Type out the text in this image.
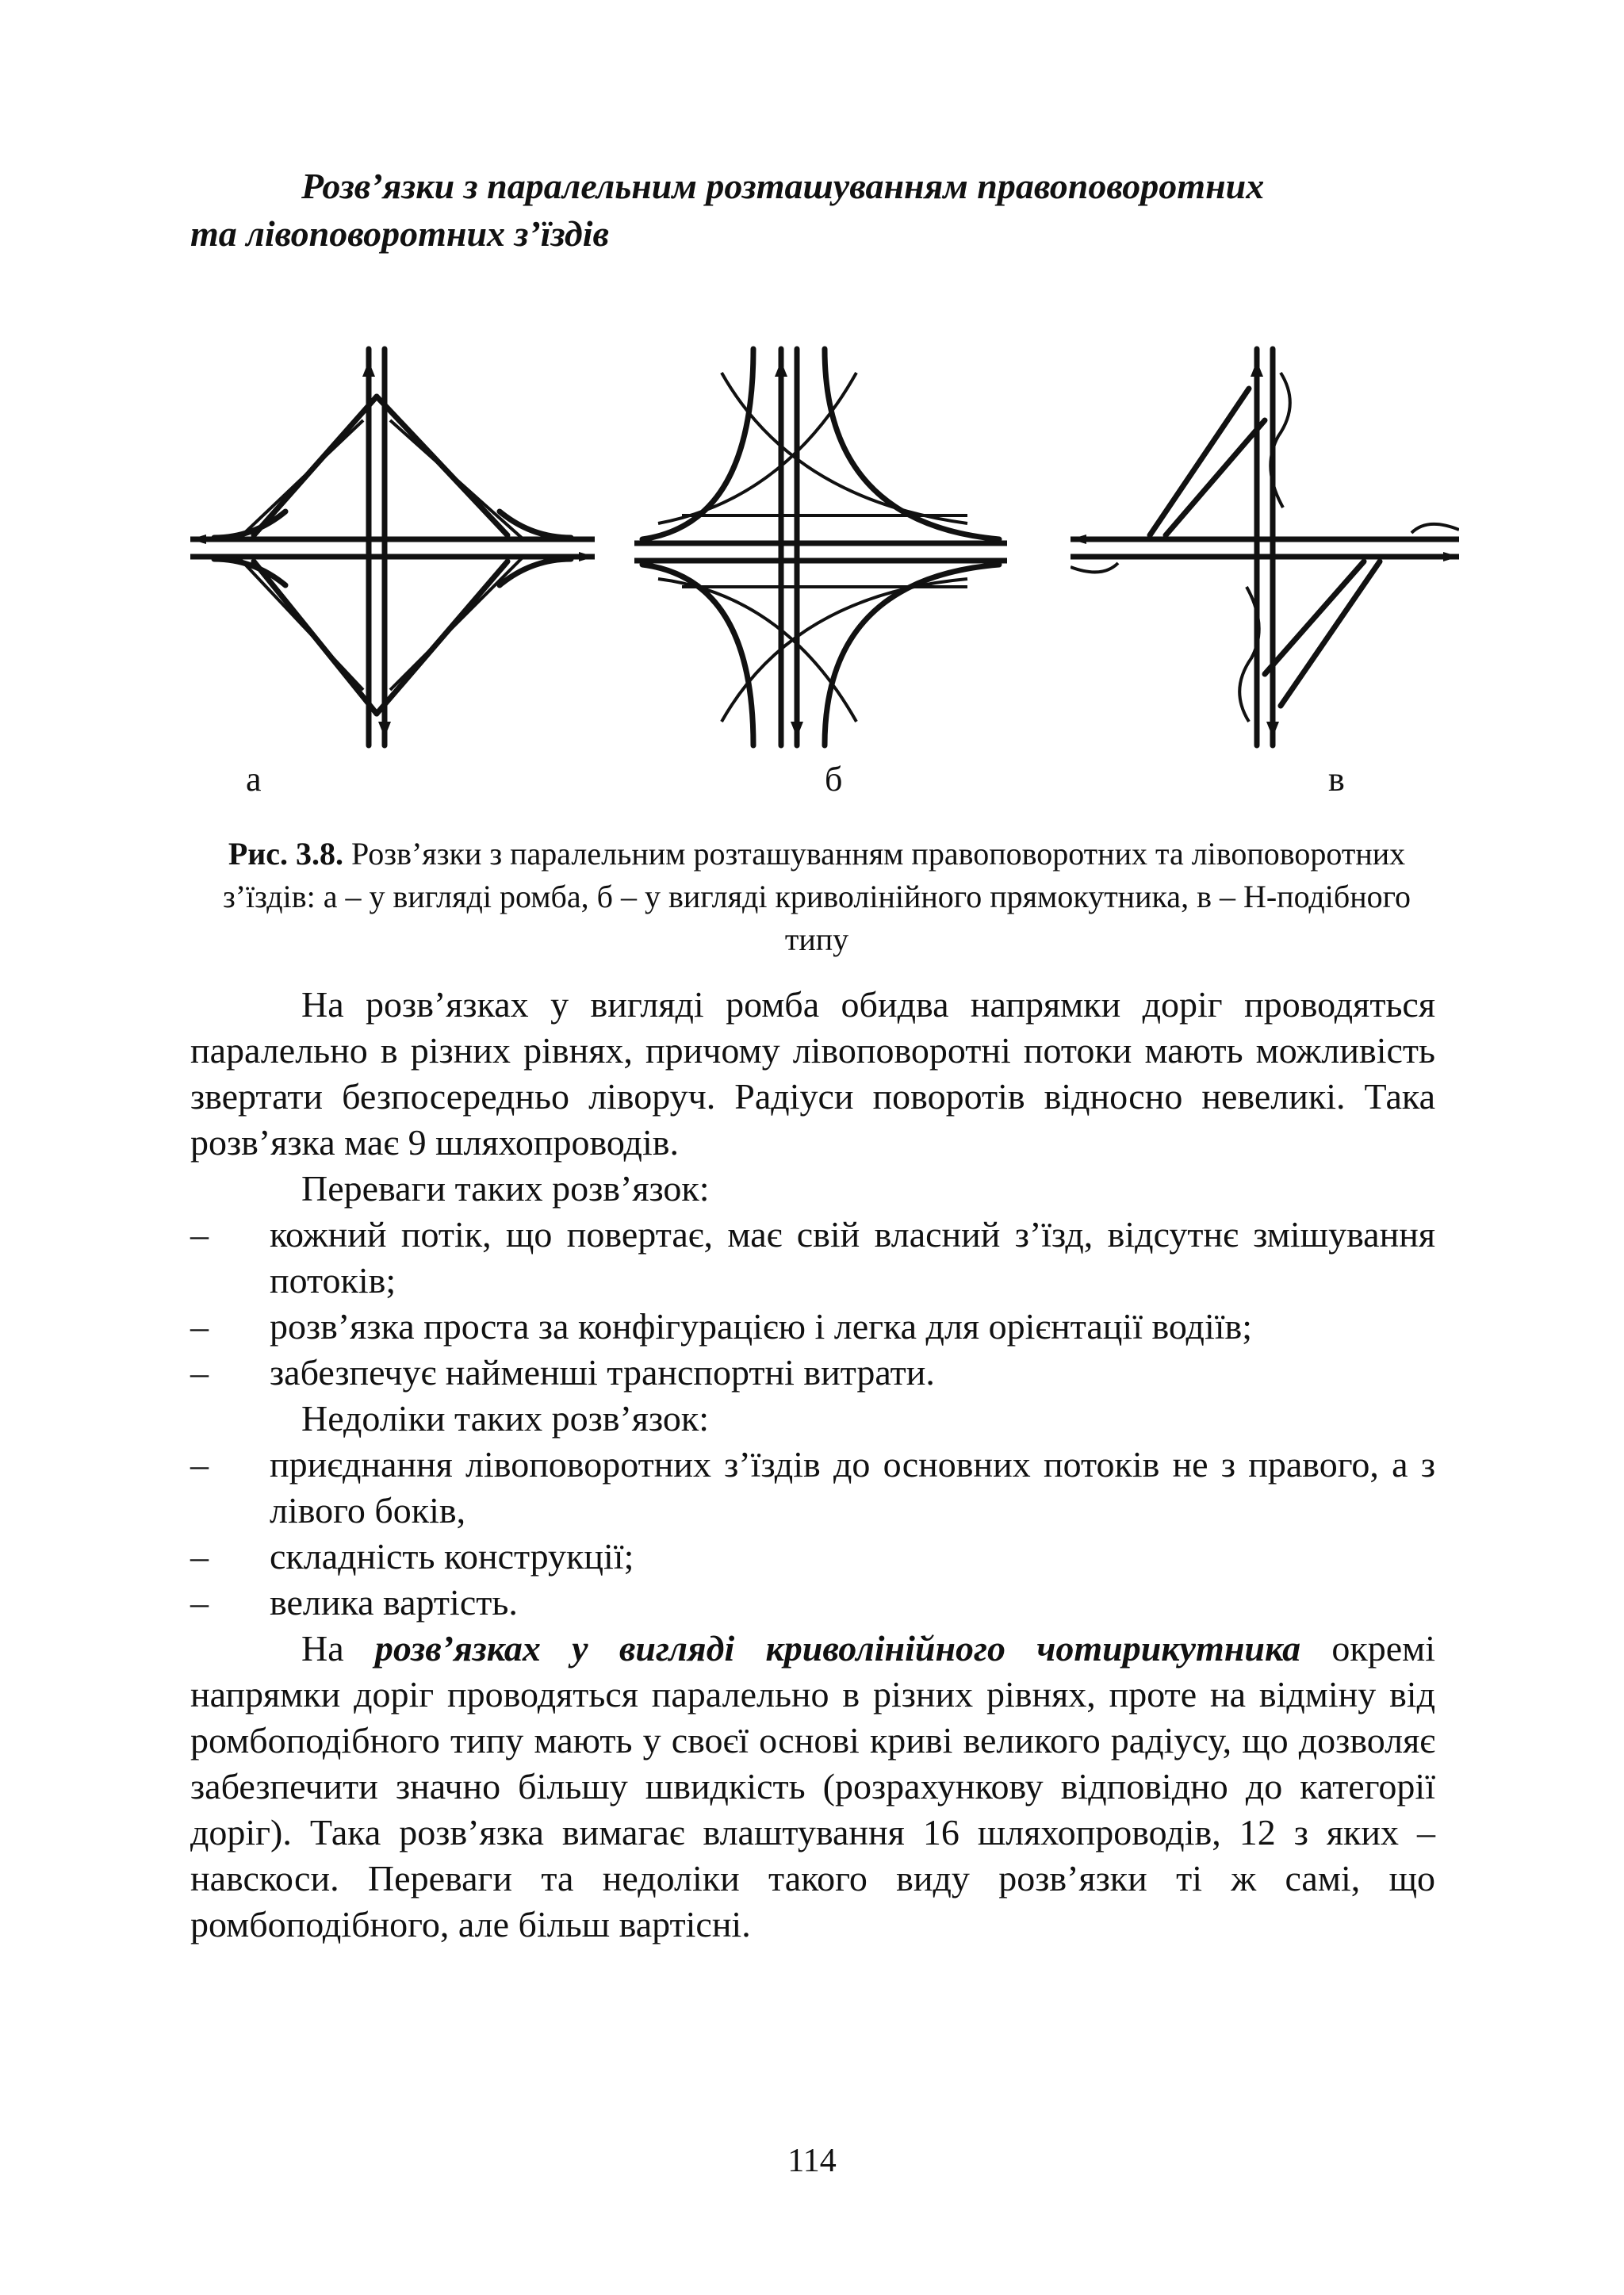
Розв’язки з паралельним розташуванням правоповоротних
та лівоповоротних з’їздів
а	б	в

Рис. 3.8. Розв’язки з паралельним розташуванням правоповоротних та лівоповоротних з’їздів: а – у вигляді ромба, б – у вигляді криволінійного прямокутника, в – Н-подібного типу

На розв’язках у вигляді ромба обидва напрямки доріг проводяться паралельно в різних рівнях, причому лівоповоротні потоки мають можливість звертати безпосередньо ліворуч. Радіуси поворотів відносно невеликі. Така розв’язка має 9 шляхопроводів.

Переваги таких розв’язок:

–	кожний потік, що повертає, має свій власний з’їзд, відсутнє змішування потоків;
–	розв’язка проста за конфігурацією і легка для орієнтації водіїв;
–	забезпечує найменші транспортні витрати.

Недоліки таких розв’язок:

–	приєднання лівоповоротних з’їздів до основних потоків не з правого, а з лівого боків,
–	складність конструкції;
–	велика вартість.

На розв’язках у вигляді криволінійного чотирикутника окремі напрямки доріг проводяться паралельно в різних рівнях, проте на відміну від ромбоподібного типу мають у своєї основі криві великого радіусу, що дозволяє забезпечити значно більшу швидкість (розрахункову відповідно до категорії доріг). Така розв’язка вимагає влаштування 16 шляхопроводів, 12 з яких – навскоси. Переваги та недоліки такого виду розв’язки ті ж самі, що ромбоподібного, але більш вартісні.

114
